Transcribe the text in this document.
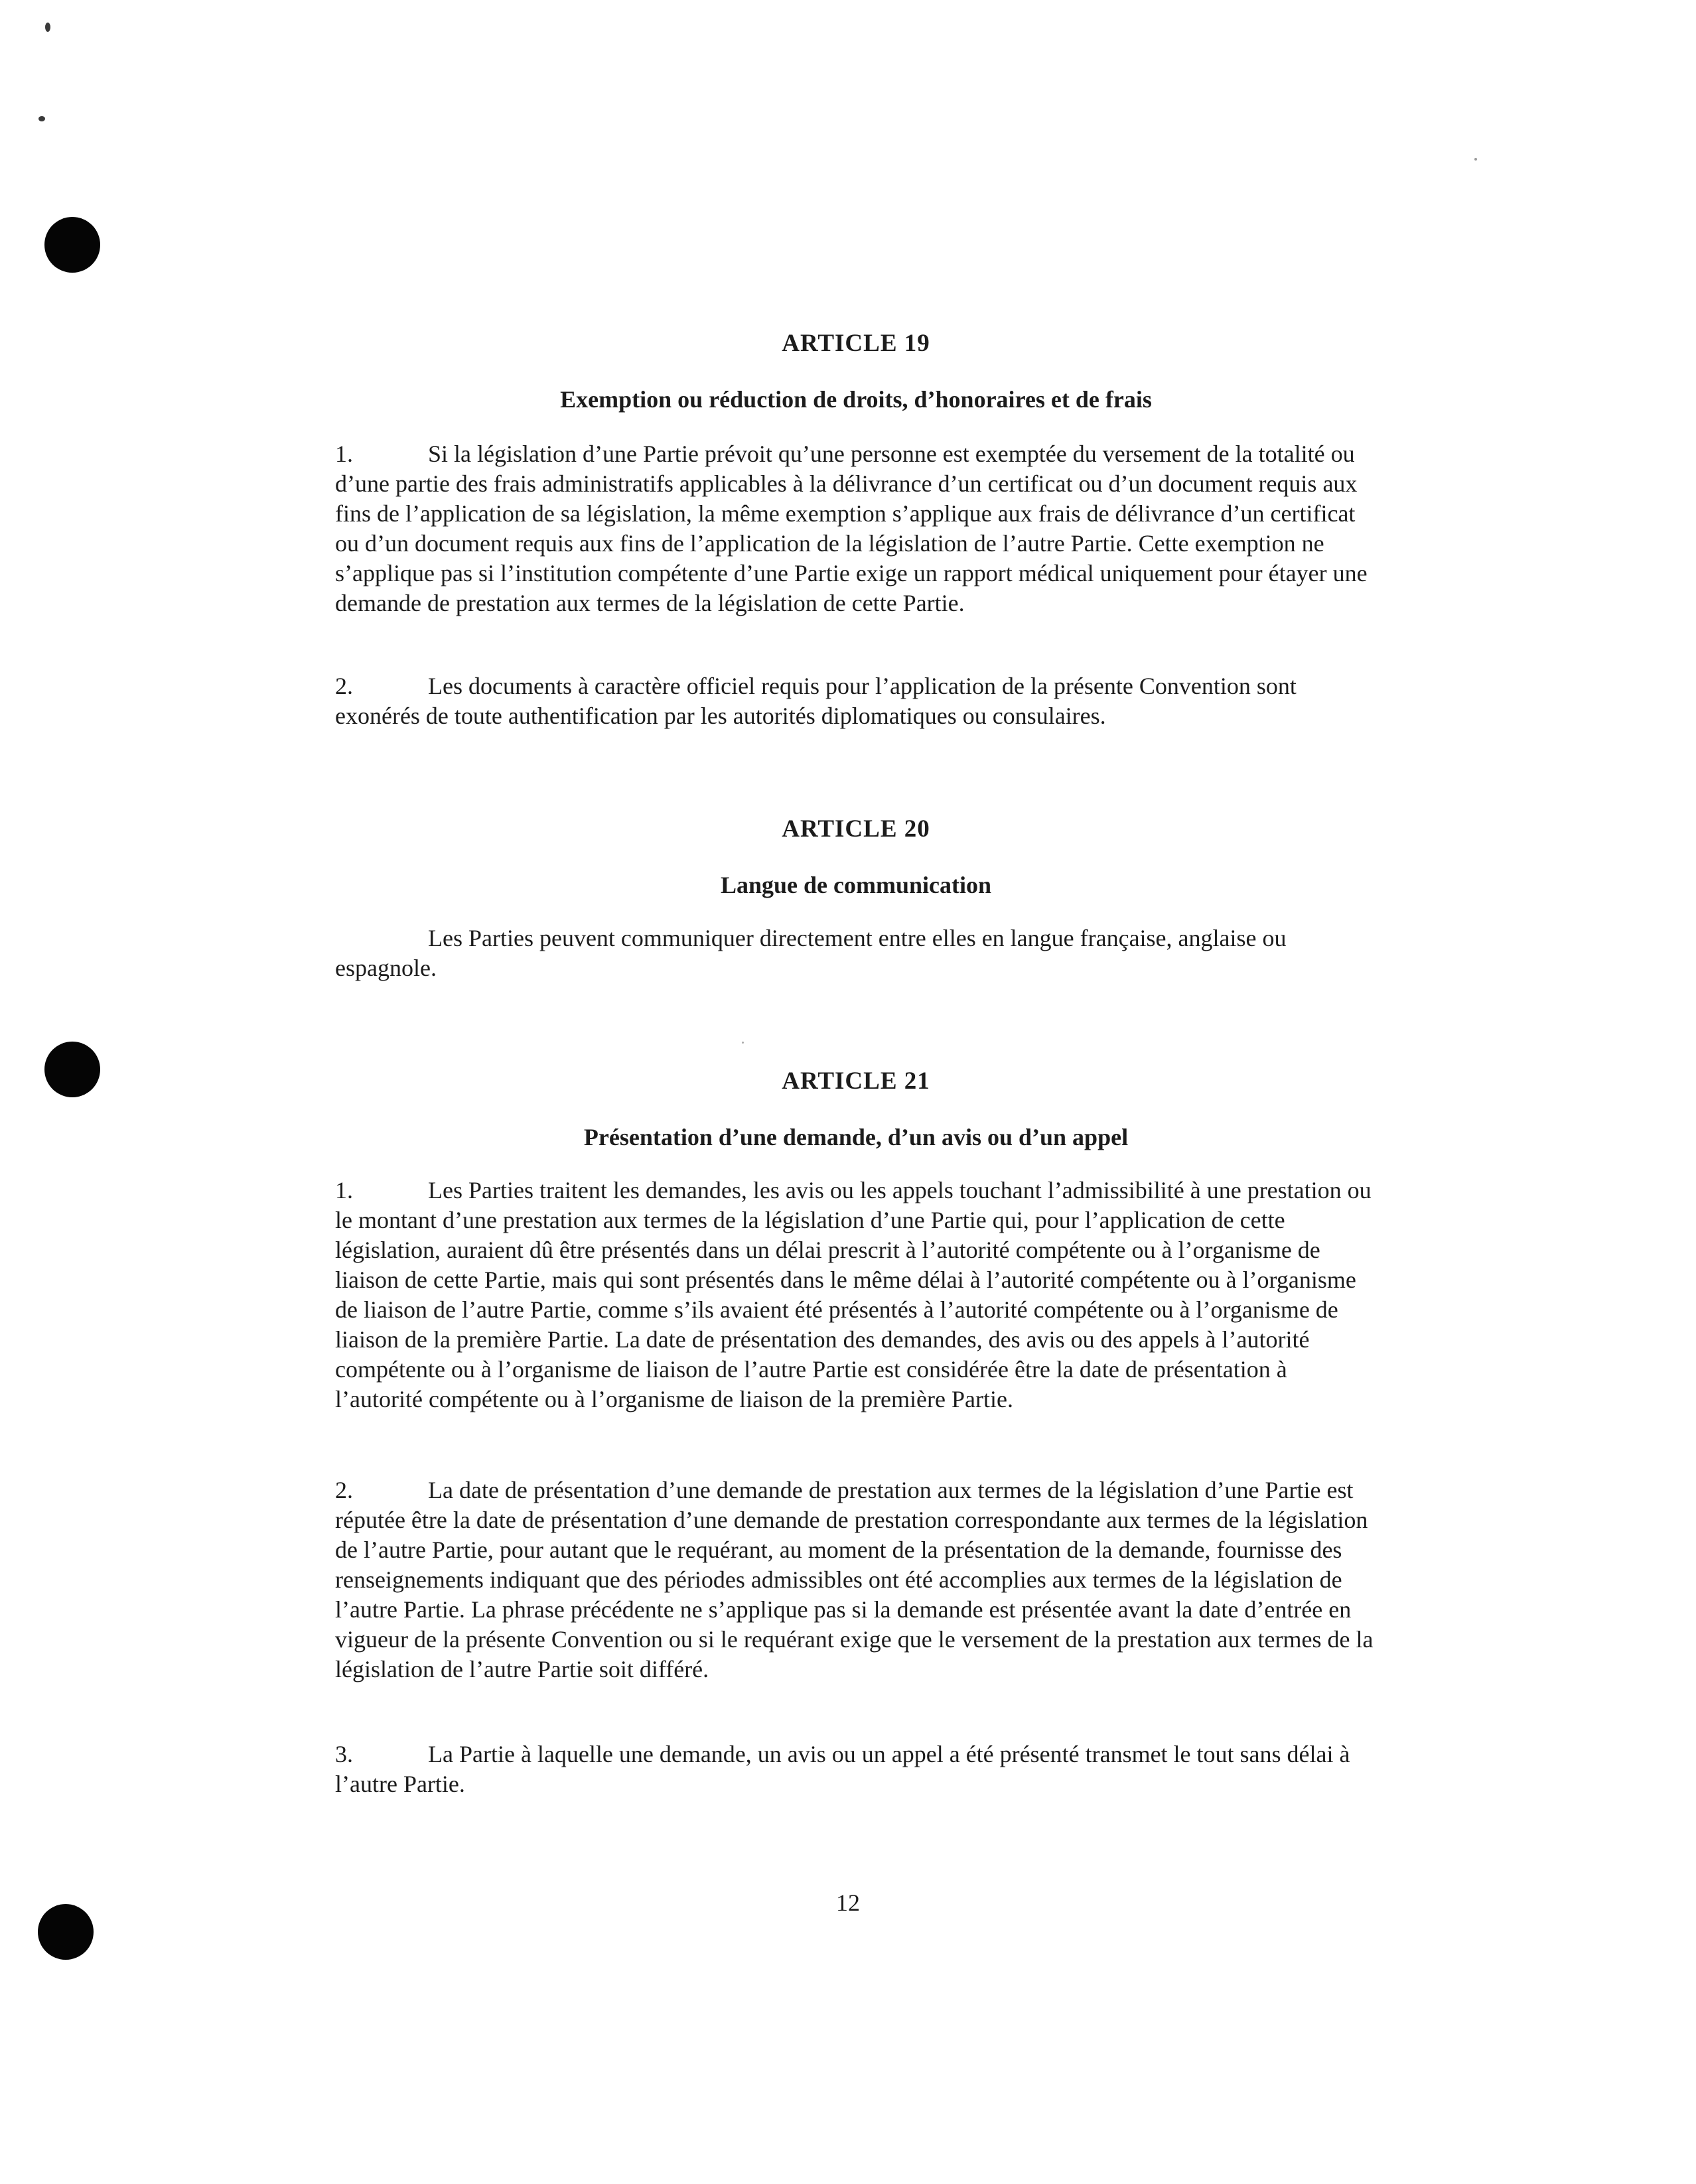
ARTICLE 19
Exemption ou réduction de droits, d’honoraires et de frais
1.	Si la législation d’une Partie prévoit qu’une personne est exemptée du versement de la totalité ou d’une partie des frais administratifs applicables à la délivrance d’un certificat ou d’un document requis aux fins de l’application de sa législation, la même exemption s’applique aux frais de délivrance d’un certificat ou d’un document requis aux fins de l’application de la législation de l’autre Partie. Cette exemption ne s’applique pas si l’institution compétente d’une Partie exige un rapport médical uniquement pour étayer une demande de prestation aux termes de la législation de cette Partie.
2.	Les documents à caractère officiel requis pour l’application de la présente Convention sont exonérés de toute authentification par les autorités diplomatiques ou consulaires.
ARTICLE 20
Langue de communication
Les Parties peuvent communiquer directement entre elles en langue française, anglaise ou espagnole.
ARTICLE 21
Présentation d’une demande, d’un avis ou d’un appel
1.	Les Parties traitent les demandes, les avis ou les appels touchant l’admissibilité à une prestation ou le montant d’une prestation aux termes de la législation d’une Partie qui, pour l’application de cette législation, auraient dû être présentés dans un délai prescrit à l’autorité compétente ou à l’organisme de liaison de cette Partie, mais qui sont présentés dans le même délai à l’autorité compétente ou à l’organisme de liaison de l’autre Partie, comme s’ils avaient été présentés à l’autorité compétente ou à l’organisme de liaison de la première Partie. La date de présentation des demandes, des avis ou des appels à l’autorité compétente ou à l’organisme de liaison de l’autre Partie est considérée être la date de présentation à l’autorité compétente ou à l’organisme de liaison de la première Partie.
2.	La date de présentation d’une demande de prestation aux termes de la législation d’une Partie est réputée être la date de présentation d’une demande de prestation correspondante aux termes de la législation de l’autre Partie, pour autant que le requérant, au moment de la présentation de la demande, fournisse des renseignements indiquant que des périodes admissibles ont été accomplies aux termes de la législation de l’autre Partie. La phrase précédente ne s’applique pas si la demande est présentée avant la date d’entrée en vigueur de la présente Convention ou si le requérant exige que le versement de la prestation aux termes de la législation de l’autre Partie soit différé.
3.	La Partie à laquelle une demande, un avis ou un appel a été présenté transmet le tout sans délai à l’autre Partie.
12
